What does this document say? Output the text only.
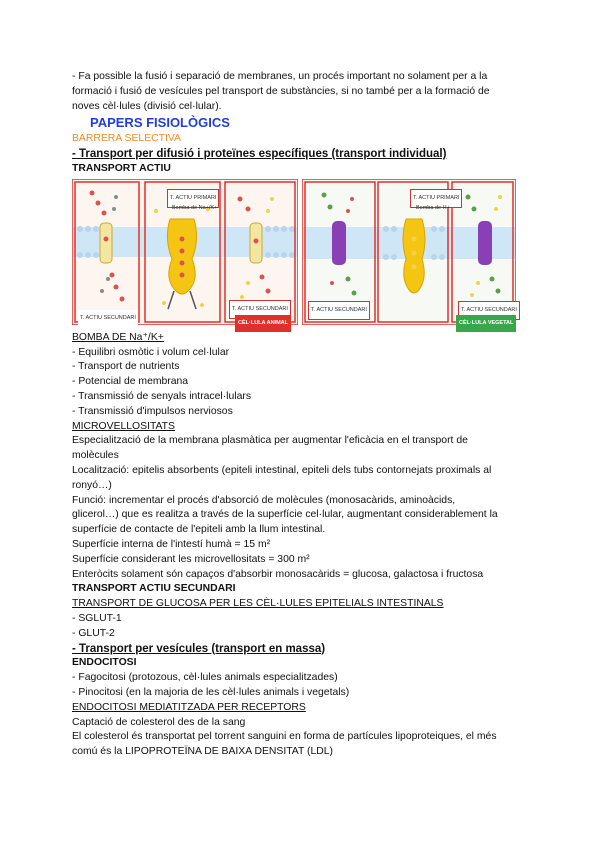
- Fa possible la fusió i separació de membranes, un procés important no solament per a la
formació i fusió de vesícules pel transport de substàncies, si no també per a la formació de
noves cèl·lules (divisió cel·lular).
PAPERS FISIOLÒGICS
BARRERA SELECTIVA
- Transport per difusió i proteïnes específiques (transport individual)
TRANSPORT ACTIU
T. ACTIU PRIMARI
Bomba de Na+/K+
T. ACTIU SECUNDARI
T. ACTIU SECUNDARI
CÈL·LULA ANIMAL
T. ACTIU PRIMARI
Bomba de H+
T. ACTIU SECUNDARI	T. ACTIU SECUNDARI
CÈL·LULA VEGETAL
BOMBA DE Na⁺/K+
- Equilibri osmòtic i volum cel·lular
- Transport de nutrients
- Potencial de membrana
- Transmissió de senyals intracel·lulars
- Transmissió d'impulsos nerviosos
MICROVELLOSITATS
Especialització de la membrana plasmàtica per augmentar l'eficàcia en el transport de
molècules
Localització: epitelis absorbents (epiteli intestinal, epiteli dels tubs contornejats proximals al
ronyó…)
Funció: incrementar el procés d'absorció de molècules (monosacàrids, aminoàcids,
glicerol…) que es realitza a través de la superfície cel·lular, augmentant considerablement la
superfície de contacte de l'epiteli amb la llum intestinal.
Superfície interna de l'intestí humà = 15 m²
Superfície considerant les microvellositats = 300 m²
Enteròcits solament són capaços d'absorbir monosacàrids = glucosa, galactosa i fructosa
TRANSPORT ACTIU SECUNDARI
TRANSPORT DE GLUCOSA PER LES CÈL·LULES EPITELIALS INTESTINALS
- SGLUT-1
- GLUT-2
- Transport per vesícules (transport en massa)
ENDOCITOSI
- Fagocitosi (protozous, cèl·lules animals especialitzades)
- Pinocitosi (en la majoria de les cèl·lules animals i vegetals)
ENDOCITOSI MEDIATITZADA PER RECEPTORS
Captació de colesterol des de la sang
El colesterol és transportat pel torrent sanguini en forma de partícules lipoproteiques, el més
comú és la LIPOPROTEÏNA DE BAIXA DENSITAT (LDL)
